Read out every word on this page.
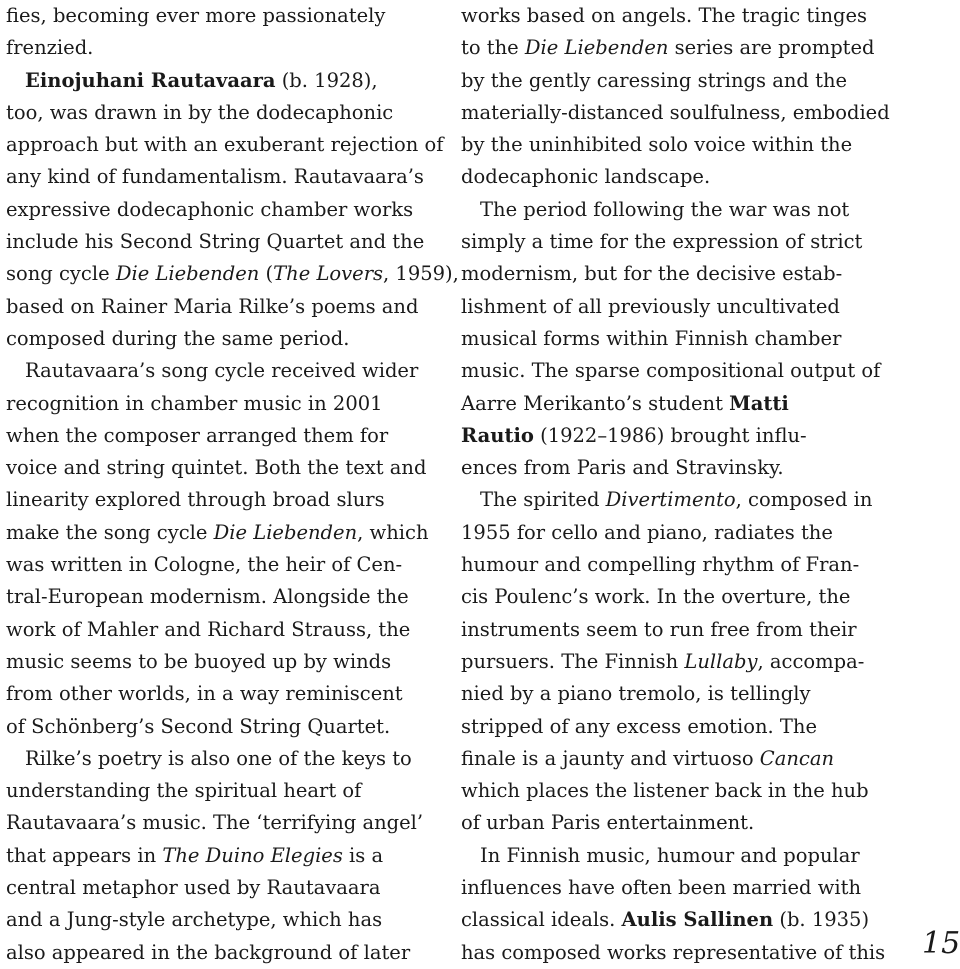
fies, becoming ever more passionately
frenzied.
Einojuhani Rautavaara (b. 1928),
too, was drawn in by the dodecaphonic
approach but with an exuberant rejection of
any kind of fundamentalism. Rautavaara’s
expressive dodecaphonic chamber works
include his Second String Quartet and the
song cycle Die Liebenden (The Lovers, 1959),
based on Rainer Maria Rilke’s poems and
composed during the same period.
Rautavaara’s song cycle received wider
recognition in chamber music in 2001
when the composer arranged them for
voice and string quintet. Both the text and
linearity explored through broad slurs
make the song cycle Die Liebenden, which
was written in Cologne, the heir of Cen-
tral-European modernism. Alongside the
work of Mahler and Richard Strauss, the
music seems to be buoyed up by winds
from other worlds, in a way reminiscent
of Schönberg’s Second String Quartet.
Rilke’s poetry is also one of the keys to
understanding the spiritual heart of
Rautavaara’s music. The ‘terrifying angel’
that appears in The Duino Elegies is a
central metaphor used by Rautavaara
and a Jung-style archetype, which has
also appeared in the background of later
works based on angels. The tragic tinges
to the Die Liebenden series are prompted
by the gently caressing strings and the
materially-distanced soulfulness, embodied
by the uninhibited solo voice within the
dodecaphonic landscape.
The period following the war was not
simply a time for the expression of strict
modernism, but for the decisive estab-
lishment of all previously uncultivated
musical forms within Finnish chamber
music. The sparse compositional output of
Aarre Merikanto’s student Matti
Rautio (1922–1986) brought influ-
ences from Paris and Stravinsky.
The spirited Divertimento, composed in
1955 for cello and piano, radiates the
humour and compelling rhythm of Fran-
cis Poulenc’s work. In the overture, the
instruments seem to run free from their
pursuers. The Finnish Lullaby, accompa-
nied by a piano tremolo, is tellingly
stripped of any excess emotion. The
finale is a jaunty and virtuoso Cancan
which places the listener back in the hub
of urban Paris entertainment.
In Finnish music, humour and popular
influences have often been married with
classical ideals. Aulis Sallinen (b. 1935)
has composed works representative of this 15
